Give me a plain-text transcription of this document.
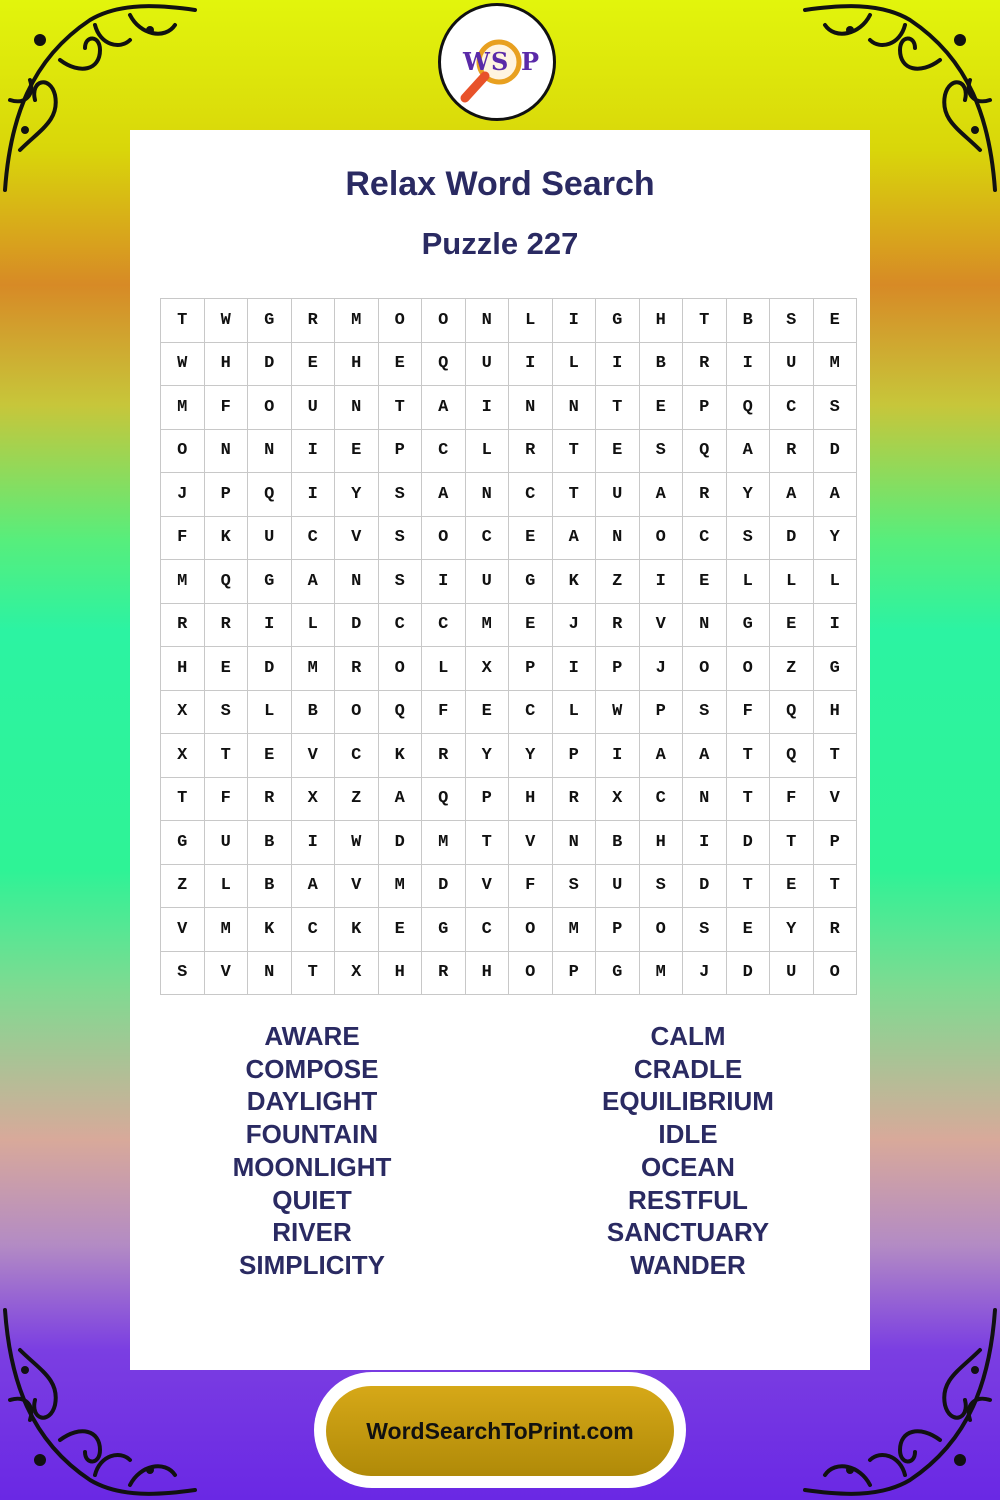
W S P
Relax Word Search
Puzzle 227
T	W	G	R	M	O	O	N	L	I	G	H	T	B	S	E
W	H	D	E	H	E	Q	U	I	L	I	B	R	I	U	M
M	F	O	U	N	T	A	I	N	N	T	E	P	Q	C	S
O	N	N	I	E	P	C	L	R	T	E	S	Q	A	R	D
J	P	Q	I	Y	S	A	N	C	T	U	A	R	Y	A	A
F	K	U	C	V	S	O	C	E	A	N	O	C	S	D	Y
M	Q	G	A	N	S	I	U	G	K	Z	I	E	L	L	L
R	R	I	L	D	C	C	M	E	J	R	V	N	G	E	I
H	E	D	M	R	O	L	X	P	I	P	J	O	O	Z	G
X	S	L	B	O	Q	F	E	C	L	W	P	S	F	Q	H
X	T	E	V	C	K	R	Y	Y	P	I	A	A	T	Q	T
T	F	R	X	Z	A	Q	P	H	R	X	C	N	T	F	V
G	U	B	I	W	D	M	T	V	N	B	H	I	D	T	P
Z	L	B	A	V	M	D	V	F	S	U	S	D	T	E	T
V	M	K	C	K	E	G	C	O	M	P	O	S	E	Y	R
S	V	N	T	X	H	R	H	O	P	G	M	J	D	U	O
AWARE
COMPOSE
DAYLIGHT
FOUNTAIN
MOONLIGHT
QUIET
RIVER
SIMPLICITY
CALM
CRADLE
EQUILIBRIUM
IDLE
OCEAN
RESTFUL
SANCTUARY
WANDER
WordSearchToPrint.com
